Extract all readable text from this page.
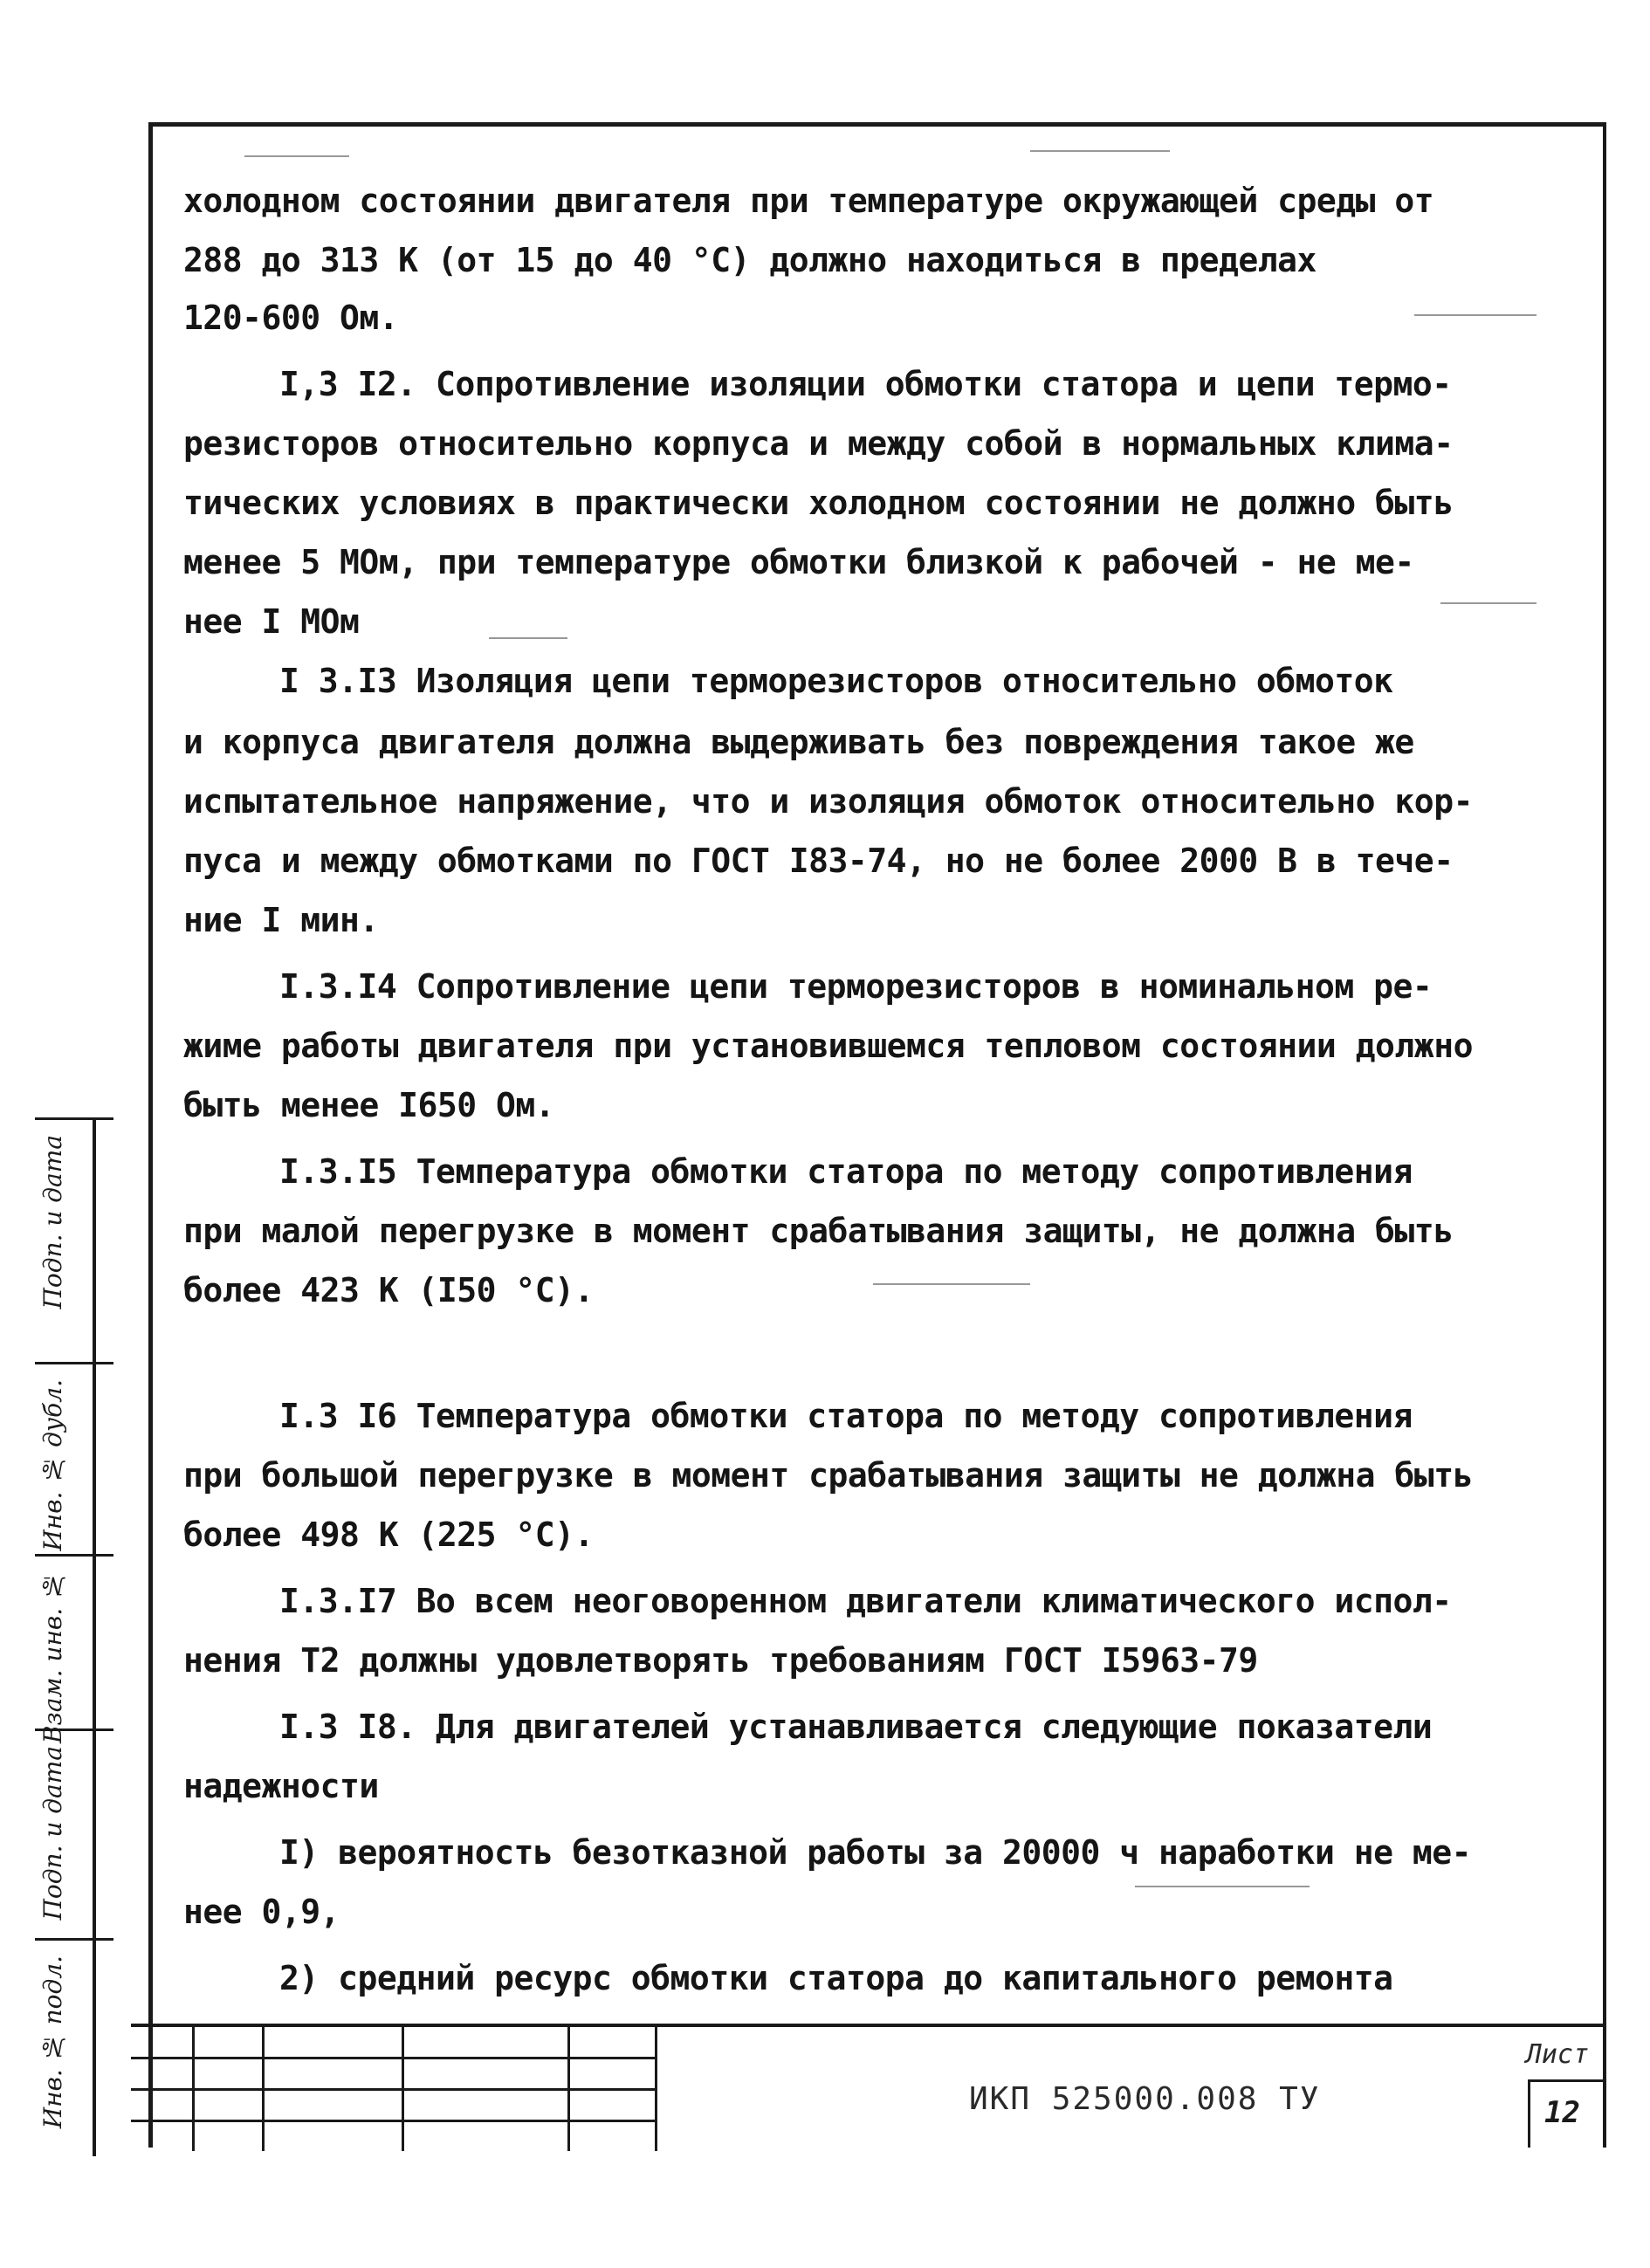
холодном состоянии двигателя при температуре окружающей среды от
288 до 313 К (от 15 до 40 °С) должно находиться в пределах
120-600 Ом.
I,3 I2. Сопротивление изоляции обмотки статора и цепи термо-
резисторов относительно корпуса и между собой в нормальных клима-
тических условиях в практически холодном состоянии не должно быть
менее 5 МОм, при температуре обмотки близкой к рабочей - не ме-
нее I МОм
I 3.I3 Изоляция цепи терморезисторов относительно обмоток
и корпуса двигателя должна выдерживать без повреждения такое же
испытательное напряжение, что и изоляция обмоток относительно кор-
пуса и между обмотками по ГОСТ I83-74, но не более 2000 В в тече-
ние I мин.
I.3.I4 Сопротивление цепи терморезисторов в номинальном ре-
жиме работы двигателя при установившемся тепловом состоянии должно
быть менее I650 Ом.
I.3.I5 Температура обмотки статора по методу сопротивления
при малой перегрузке в момент срабатывания защиты, не должна быть
более 423 К (I50 °С).
I.3 I6 Температура обмотки статора по методу сопротивления
при большой перегрузке в момент срабатывания защиты не должна быть
более 498 К (225 °С).
I.3.I7 Во всем неоговоренном двигатели климатического испол-
нения Т2 должны удовлетворять требованиям ГОСТ I5963-79
I.3 I8. Для двигателей устанавливается следующие показатели
надежности
I) вероятность безотказной работы за 20000 ч наработки не ме-
нее 0,9,
2) средний ресурс обмотки статора до капитального ремонта
ИКП 525000.008 ТУ
Лист
12
Подп. и дата
Инв. № дубл.
Взам. инв. №
Подп. и дата
Инв. № подл.
